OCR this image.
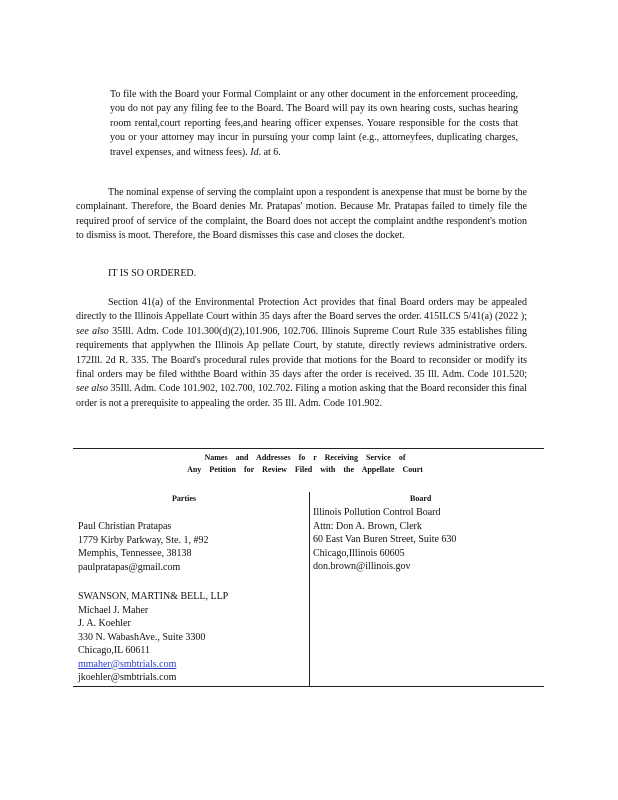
To file with the Board your Formal Complaint or any other document in the enforcement proceeding, you do not pay any filing fee to the Board. The Board will pay its own hearing costs, suchas hearing room rental,court reporting fees,and hearing officer expenses. Youare responsible for the costs that you or your attorney may incur in pursuing your comp laint (e.g., attorneyfees, duplicating charges, travel expenses, and witness fees). Id. at 6.

The nominal expense of serving the complaint upon a respondent is anexpense that must be borne by the complainant. Therefore, the Board denies Mr. Pratapas' motion. Because Mr. Pratapas failed to timely file the required proof of service of the complaint, the Board does not accept the complaint andthe respondent's motion to dismiss is moot. Therefore, the Board dismisses this case and closes the docket.

IT IS SO ORDERED.

Section 41(a) of the Environmental Protection Act provides that final Board orders may be appealed directly to the Illinois Appellate Court within 35 days after the Board serves the order. 415ILCS 5/41(a) (2022 ); see also 35Ill. Adm. Code 101.300(d)(2),101.906, 102.706. Illinois Supreme Court Rule 335 establishes filing requirements that applywhen the Illinois Ap pellate Court, by statute, directly reviews administrative orders. 172Ill. 2d R. 335. The Board's procedural rules provide that motions for the Board to reconsider or modify its final orders may be filed withthe Board within 35 days after the order is received. 35 Ill. Adm. Code 101.520; see also 35Ill. Adm. Code 101.902, 102.700, 102.702. Filing a motion asking that the Board reconsider this final order is not a prerequisite to appealing the order. 35 Ill. Adm. Code 101.902.

Names and Addresses fo r Receiving Service of
Any Petition for Review Filed with the Appellate Court
Parties	Board
Paul Christian Pratapas
1779 Kirby Parkway, Ste. 1, #92
Memphis, Tennessee, 38138
paulpratapas@gmail.com
SWANSON, MARTIN& BELL, LLP
Michael J. Maher
J. A. Koehler
330 N. WabashAve., Suite 3300
Chicago,IL 60611
mmaher@smbtrials.com
jkoehler@smbtrials.com
Illinois Pollution Control Board
Attn: Don A. Brown, Clerk
60 East Van Buren Street, Suite 630
Chicago,Illinois 60605
don.brown@illinois.gov
